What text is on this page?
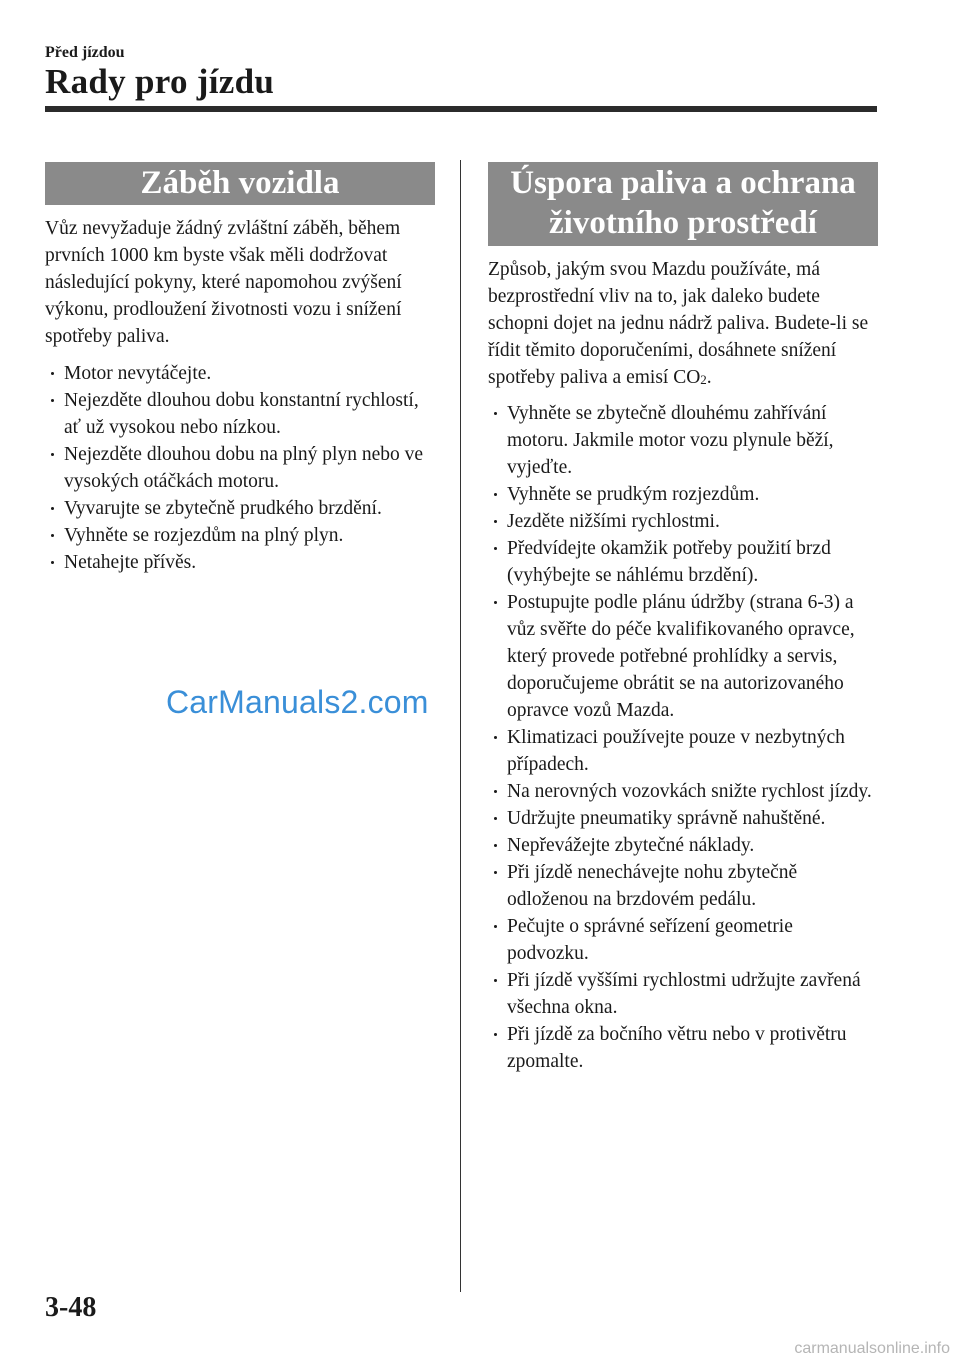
Před jízdou
Rady pro jízdu
Záběh vozidla

Vůz nevyžaduje žádný zvláštní záběh, během prvních 1000 km byste však měli dodržovat následující pokyny, které napomohou zvýšení výkonu, prodloužení životnosti vozu i snížení spotřeby paliva.

Motor nevytáčejte.
Nejezděte dlouhou dobu konstantní rychlostí, ať už vysokou nebo nízkou.
Nejezděte dlouhou dobu na plný plyn nebo ve vysokých otáčkách motoru.
Vyvarujte se zbytečně prudkého brzdění.
Vyhněte se rozjezdům na plný plyn.
Netahejte přívěs.
Úspora paliva a ochrana
životního prostředí

Způsob, jakým svou Mazdu používáte, má bezprostřední vliv na to, jak daleko budete schopni dojet na jednu nádrž paliva. Budete-li se řídit těmito doporučeními, dosáhnete snížení spotřeby paliva a emisí $CO_2$.

Vyhněte se zbytečně dlouhému zahřívání motoru. Jakmile motor vozu plynule běží, vyjeďte.
Vyhněte se prudkým rozjezdům.
Jezděte nižšími rychlostmi.
Předvídejte okamžik potřeby použití brzd (vyhýbejte se náhlému brzdění).
Postupujte podle plánu údržby (strana 6-3) a vůz svěřte do péče kvalifikovaného opravce, který provede potřebné prohlídky a servis, doporučujeme obrátit se na autorizovaného opravce vozů Mazda.
Klimatizaci používejte pouze v nezbytných případech.
Na nerovných vozovkách snižte rychlost jízdy.
Udržujte pneumatiky správně nahuštěné.
Nepřevážejte zbytečné náklady.
Při jízdě nenechávejte nohu zbytečně odloženou na brzdovém pedálu.
Pečujte o správné seřízení geometrie podvozku.
Při jízdě vyššími rychlostmi udržujte zavřená všechna okna.
Při jízdě za bočního větru nebo v protivětru zpomalte.
CarManuals2.com
3-48
carmanualsonline.info
